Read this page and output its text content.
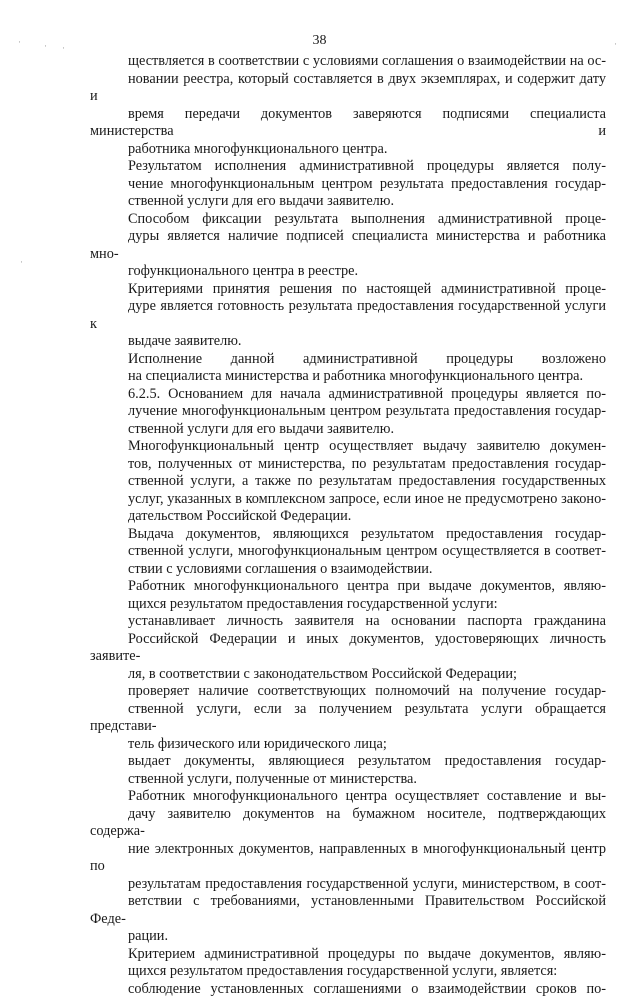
·	· ·	·
·
38
ществляется в соответствии с условиями соглашения о взаимодействии на ос-
новании реестра, который составляется в двух экземплярах, и содержит дату и
время передачи документов заверяются подписями специалиста министерства и
работника многофункционального центра.
Результатом исполнения административной процедуры является полу-
чение многофункциональным центром результата предоставления государ-
ственной услуги для его выдачи заявителю.
Способом фиксации результата выполнения административной проце-
дуры является наличие подписей специалиста министерства и работника мно-
гофункционального центра в реестре.
Критериями принятия решения по настоящей административной проце-
дуре является готовность результата предоставления государственной услуги к
выдаче заявителю.
Исполнение данной административной процедуры возложено
на специалиста министерства и работника многофункционального центра.
6.2.5. Основанием для начала административной процедуры является по-
лучение многофункциональным центром результата предоставления государ-
ственной услуги для его выдачи заявителю.
Многофункциональный центр осуществляет выдачу заявителю докумен-
тов, полученных от министерства, по результатам предоставления государ-
ственной услуги, а также по результатам предоставления государственных
услуг, указанных в комплексном запросе, если иное не предусмотрено законо-
дательством Российской Федерации.
Выдача документов, являющихся результатом предоставления государ-
ственной услуги, многофункциональным центром осуществляется в соответ-
ствии с условиями соглашения о взаимодействии.
Работник многофункционального центра при выдаче документов, являю-
щихся результатом предоставления государственной услуги:
устанавливает личность заявителя на основании паспорта гражданина
Российской Федерации и иных документов, удостоверяющих личность заявите-
ля, в соответствии с законодательством Российской Федерации;
проверяет наличие соответствующих полномочий на получение государ-
ственной услуги, если за получением результата услуги обращается представи-
тель физического или юридического лица;
выдает документы, являющиеся результатом предоставления государ-
ственной услуги, полученные от министерства.
Работник многофункционального центра осуществляет составление и вы-
дачу заявителю документов на бумажном носителе, подтверждающих содержа-
ние электронных документов, направленных в многофункциональный центр по
результатам предоставления государственной услуги, министерством, в соот-
ветствии с требованиями, установленными Правительством Российской Феде-
рации.
Критерием административной процедуры по выдаче документов, являю-
щихся результатом предоставления государственной услуги, является:
соблюдение установленных соглашениями о взаимодействии сроков по-
